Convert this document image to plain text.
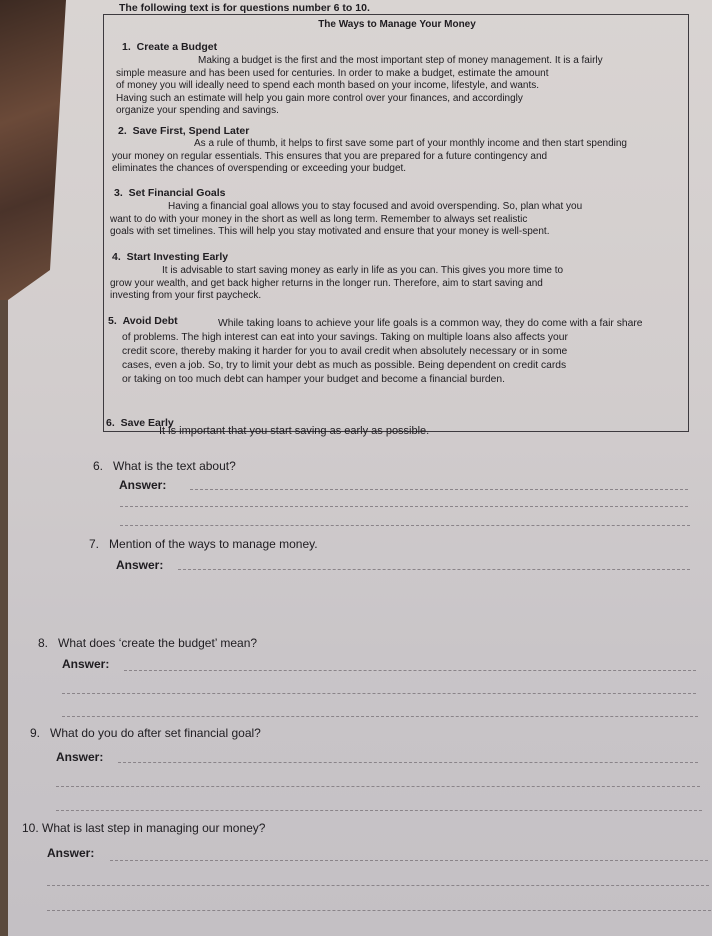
The following text is for questions number 6 to 10.
The Ways to Manage Your Money
1. Create a Budget
Making a budget is the first and the most important step of money management. It is a fairly
simple measure and has been used for centuries. In order to make a budget, estimate the amount
of money you will ideally need to spend each month based on your income, lifestyle, and wants.
Having such an estimate will help you gain more control over your finances, and accordingly
organize your spending and savings.
2. Save First, Spend Later
As a rule of thumb, it helps to first save some part of your monthly income and then start spending
your money on regular essentials. This ensures that you are prepared for a future contingency and
eliminates the chances of overspending or exceeding your budget.
3. Set Financial Goals
Having a financial goal allows you to stay focused and avoid overspending. So, plan what you
want to do with your money in the short as well as long term. Remember to always set realistic
goals with set timelines. This will help you stay motivated and ensure that your money is well-spent.
4. Start Investing Early
It is advisable to start saving money as early in life as you can. This gives you more time to
grow your wealth, and get back higher returns in the longer run. Therefore, aim to start saving and
investing from your first paycheck.
5. Avoid Debt	While taking loans to achieve your life goals is a common way, they do come with a fair share
of problems. The high interest can eat into your savings. Taking on multiple loans also affects your
credit score, thereby making it harder for you to avail credit when absolutely necessary or in some
cases, even a job. So, try to limit your debt as much as possible. Being dependent on credit cards
or taking on too much debt can hamper your budget and become a financial burden.
6. Save Early
It is important that you start saving as early as possible.
6. What is the text about?
Answer:
7. Mention of the ways to manage money.
Answer:
8. What does ‘create the budget’ mean?
Answer:
9. What do you do after set financial goal?
Answer:
10. What is last step in managing our money?
Answer:
